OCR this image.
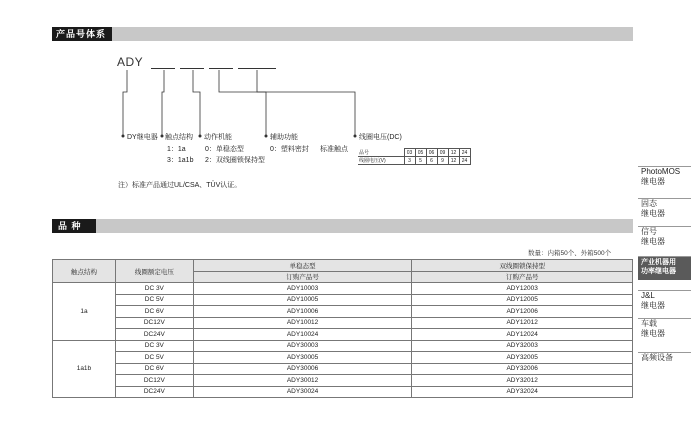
产品号体系
ADY
DY继电器 触点结构
1：1a
3：1a1b
动作机能
0：单稳态型
2：双线圈锁保持型
辅助功能
0：塑料密封 标准触点
线圈电压(DC)
品号	03	05	06	09	12	24
线圈电压(V)	3	5	6	9	12	24
注）标准产品通过UL/CSA、TÜV认证。
品 种
数量：内箱50个、外箱500个
触点结构	线圈额定电压	单稳态型	双线圈锁保持型
		订购产品号	订购产品号
1a	DC 3V	ADY10003	ADY12003
	DC 5V	ADY10005	ADY12005
	DC 6V	ADY10006	ADY12006
	DC12V	ADY10012	ADY12012
	DC24V	ADY10024	ADY12024
1a1b	DC 3V	ADY30003	ADY32003
	DC 5V	ADY30005	ADY32005
	DC 6V	ADY30006	ADY32006
	DC12V	ADY30012	ADY32012
	DC24V	ADY30024	ADY32024
PhotoMOS
继电器
固态
继电器
信号
继电器
产业机器用
功率继电器
J&L
继电器
车载
继电器
高频设备
